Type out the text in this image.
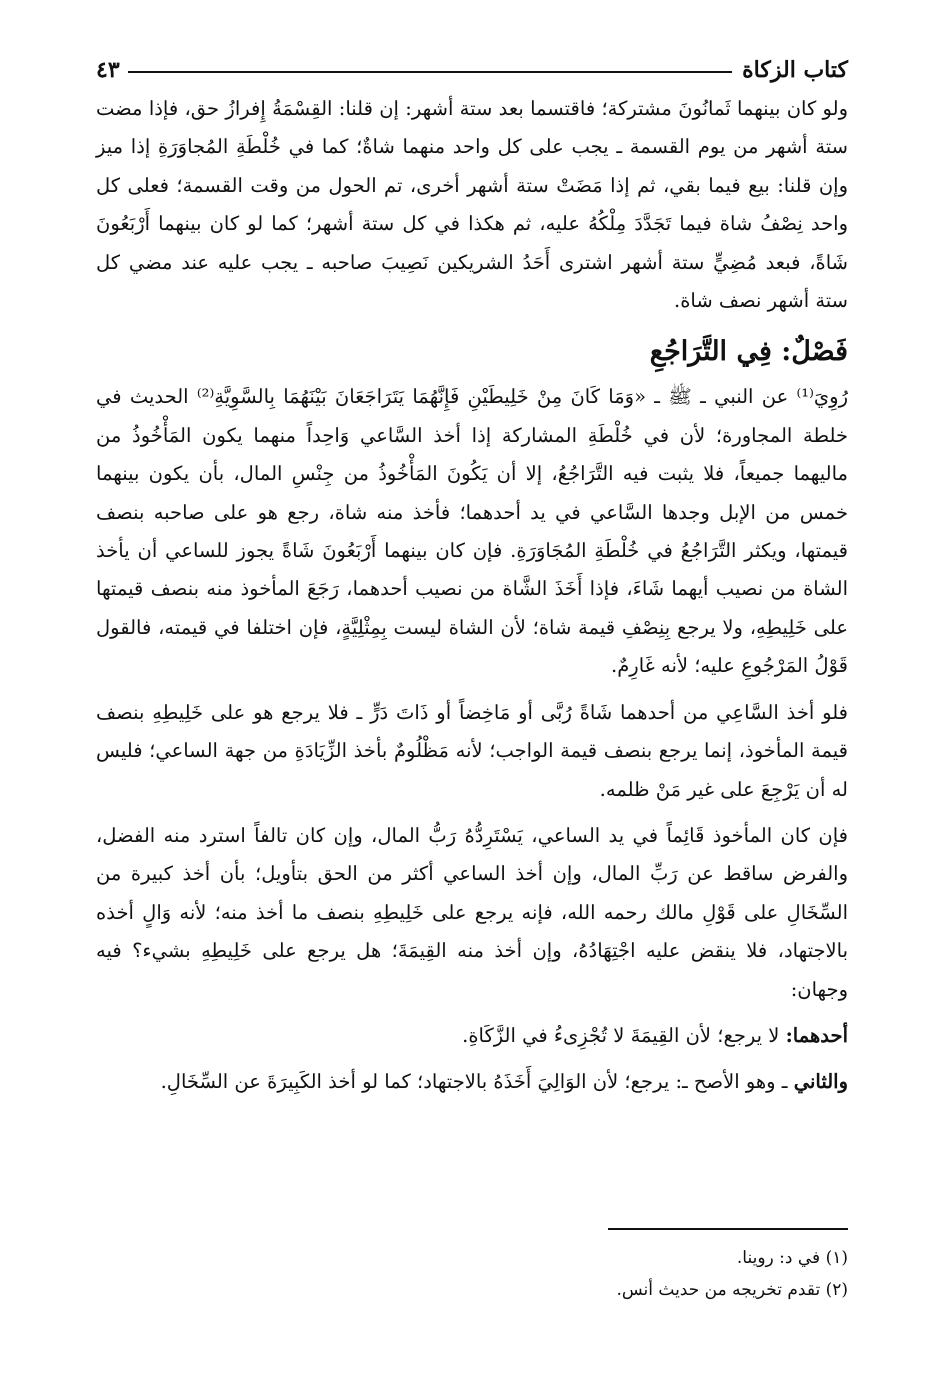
كتاب الزكاة
٤٣

ولو كان بينهما ثَمانُونَ مشتركة؛ فاقتسما بعد ستة أشهر: إن قلنا: القِسْمَةُ إِفرازُ حق، فإذا مضت ستة أشهر من يوم القسمة ـ يجب على كل واحد منهما شاةٌ؛ كما في خُلْطَةِ المُجاوَرَةِ إذا ميز وإن قلنا: بيع فيما بقي، ثم إذا مَضَتْ ستة أشهر أخرى، تم الحول من وقت القسمة؛ فعلى كل واحد نِصْفُ شاة فيما تَجَدَّدَ مِلْكُهُ عليه، ثم هكذا في كل ستة أشهر؛ كما لو كان بينهما أَرْبَعُونَ شَاةً، فبعد مُضِيٍّ ستة أشهر اشترى أَحَدُ الشريكين نَصِيبَ صاحبه ـ يجب عليه عند مضي كل ستة أشهر نصف شاة.

فَصْلٌ: فِي التَّرَاجُعِ

رُوِيَ⁽¹⁾ عن النبي ـ ﷺ ـ «وَمَا كَانَ مِنْ خَلِيطَيْنِ فَإِنَّهُمَا يَتَرَاجَعَانَ بَيْنَهُمَا بِالسَّوِيَّةِ⁽²⁾ الحديث في خلطة المجاورة؛ لأن في خُلْطَةِ المشاركة إذا أخذ السَّاعي وَاحِداً منهما يكون المَأْخُوذُ من ماليهما جميعاً، فلا يثبت فيه التَّرَاجُعُ، إلا أن يَكُونَ المَأْخُوذُ من جِنْسِ المال، بأن يكون بينهما خمس من الإبل وجدها السَّاعي في يد أحدهما؛ فأخذ منه شاة، رجع هو على صاحبه بنصف قيمتها، ويكثر التَّرَاجُعُ في خُلْطَةِ المُجَاوَرَةِ. فإن كان بينهما أَرْبَعُونَ شَاةً يجوز للساعي أن يأخذ الشاة من نصيب أيهما شَاءَ، فإذا أَخَذَ الشَّاة من نصيب أحدهما، رَجَعَ المأخوذ منه بنصف قيمتها على خَلِيطِهِ، ولا يرجع بِنِصْفِ قيمة شاة؛ لأن الشاة ليست بِمِثْلِيَّةٍ، فإن اختلفا في قيمته، فالقول قَوْلُ المَرْجُوعِ عليه؛ لأنه غَارِمٌ.

فلو أخذ السَّاعِي من أحدهما شَاةً رُبَّى أو مَاخِضاً أو ذَاتَ دَرٍّ ـ فلا يرجع هو على خَلِيطِهِ بنصف قيمة المأخوذ، إنما يرجع بنصف قيمة الواجب؛ لأنه مَظْلُومٌ بأخذ الزِّيَادَةِ من جهة الساعي؛ فليس له أن يَرْجِعَ على غير مَنْ ظلمه.

فإن كان المأخوذ قَائِماً في يد الساعي، يَسْتَرِدُّهُ رَبُّ المال، وإن كان تالفاً استرد منه الفضل، والفرض ساقط عن رَبِّ المال، وإن أخذ الساعي أكثر من الحق بتأويل؛ بأن أخذ كبيرة من السِّخَالِ على قَوْلِ مالك رحمه الله، فإنه يرجع على خَلِيطِهِ بنصف ما أخذ منه؛ لأنه وَالٍ أخذه بالاجتهاد، فلا ينقض عليه اجْتِهَادُهُ، وإن أخذ منه القِيمَةَ؛ هل يرجع على خَلِيطِهِ بشيء؟ فيه وجهان:

أحدهما: لا يرجع؛ لأن القِيمَةَ لا تُجْزِىءُ في الزَّكَاةِ.

والثاني ـ وهو الأصح ـ: يرجع؛ لأن الوَالِيَ أَخَذَهُ بالاجتهاد؛ كما لو أخذ الكَبِيرَةَ عن السِّخَالِ.

(١) في د: روينا.

(٢) تقدم تخريجه من حديث أنس.
